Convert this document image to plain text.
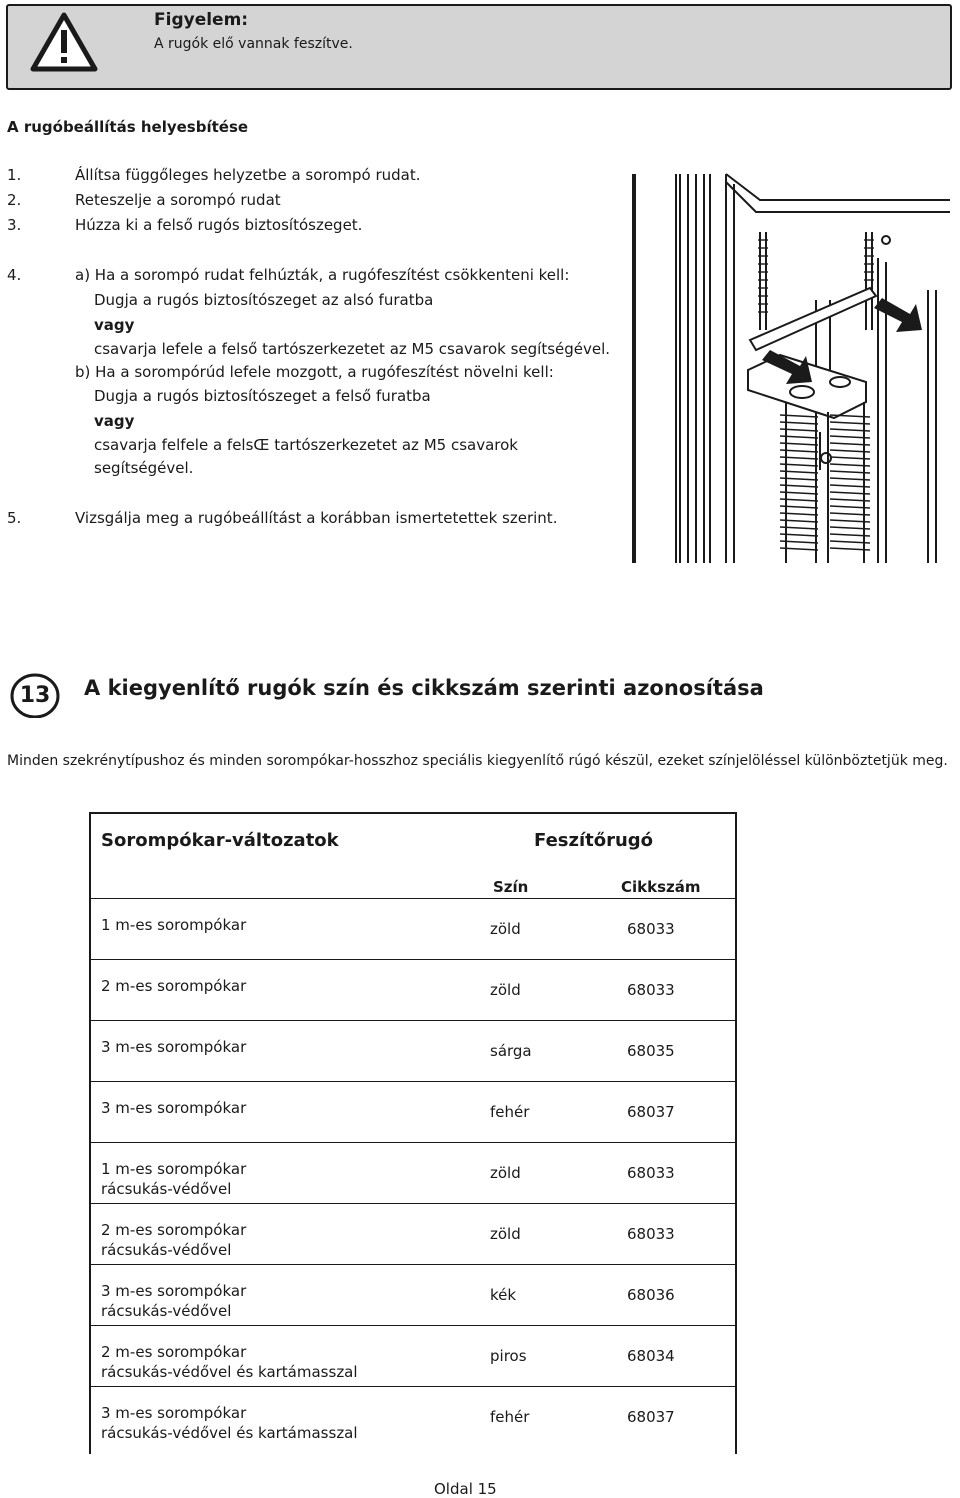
Figyelem:
A rugók elő vannak feszítve.
A rugóbeállítás helyesbítése
1.	Állítsa függőleges helyzetbe a sorompó rudat.
2.	Reteszelje a sorompó rudat
3.	Húzza ki a felső rugós biztosítószeget.
4.	a) Ha a sorompó rudat felhúzták, a rugófeszítést csökkenteni kell:
Dugja a rugós biztosítószeget az alsó furatba
vagy
csavarja lefele a felső tartószerkezetet az M5 csavarok segítségével.
b) Ha a sorompórúd lefele mozgott, a rugófeszítést növelni kell:
Dugja a rugós biztosítószeget a felső furatba
vagy
csavarja felfele a felsŒ tartószerkezetet az M5 csavarok
segítségével.
5.	Vizsgálja meg a rugóbeállítást a korábban ismertetettek szerint.
13	A kiegyenlítő rugók szín és cikkszám szerinti azonosítása
Minden szekrénytípushoz és minden sorompókar-hosszhoz speciális kiegyenlítő rúgó készül, ezeket színjelöléssel különböztetjük meg.
Sorompókar-változatok	Feszítőrugó
Szín	Cikkszám
1 m-es sorompókar	zöld	68033
2 m-es sorompókar	zöld	68033
3 m-es sorompókar	sárga	68035
3 m-es sorompókar	fehér	68037
1 m-es sorompókar
rácsukás-védővel
zöld	68033
2 m-es sorompókar
rácsukás-védővel
zöld	68033
3 m-es sorompókar
rácsukás-védővel
kék	68036
2 m-es sorompókar
rácsukás-védővel és kartámasszal
piros	68034
3 m-es sorompókar
rácsukás-védővel és kartámasszal
fehér	68037
Oldal 15
